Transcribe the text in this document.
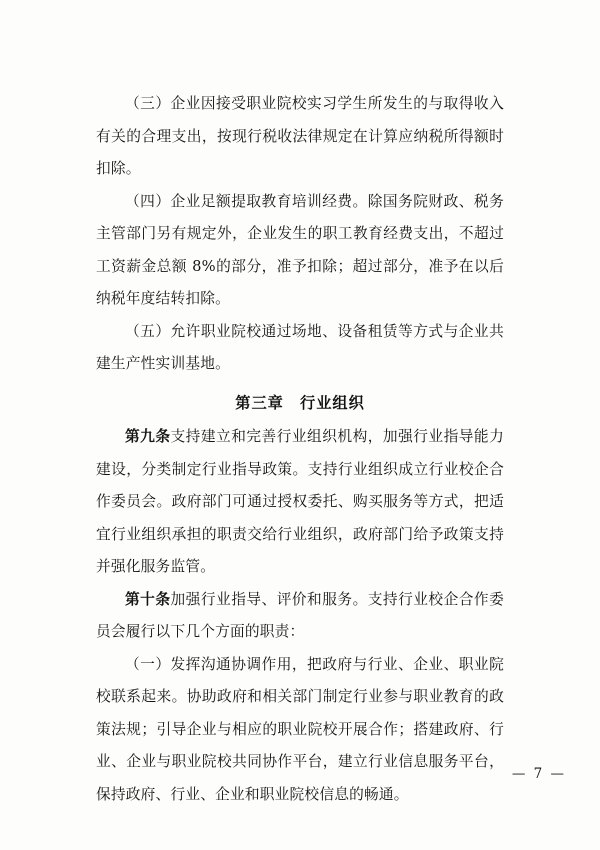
（三）企业因接受职业院校实习学生所发生的与取得收入有关的合理支出，按现行税收法律规定在计算应纳税所得额时扣除。

（四）企业足额提取教育培训经费。除国务院财政、税务主管部门另有规定外，企业发生的职工教育经费支出，不超过工资薪金总额 8%的部分，准予扣除；超过部分，准予在以后纳税年度结转扣除。

（五）允许职业院校通过场地、设备租赁等方式与企业共建生产性实训基地。

第三章　行业组织

第九条支持建立和完善行业组织机构，加强行业指导能力建设，分类制定行业指导政策。支持行业组织成立行业校企合作委员会。政府部门可通过授权委托、购买服务等方式，把适宜行业组织承担的职责交给行业组织，政府部门给予政策支持并强化服务监管。

第十条加强行业指导、评价和服务。支持行业校企合作委员会履行以下几个方面的职责：

（一）发挥沟通协调作用，把政府与行业、企业、职业院校联系起来。协助政府和相关部门制定行业参与职业教育的政策法规；引导企业与相应的职业院校开展合作；搭建政府、行业、企业与职业院校共同协作平台，建立行业信息服务平台，保持政府、行业、企业和职业院校信息的畅通。

— 7 —
